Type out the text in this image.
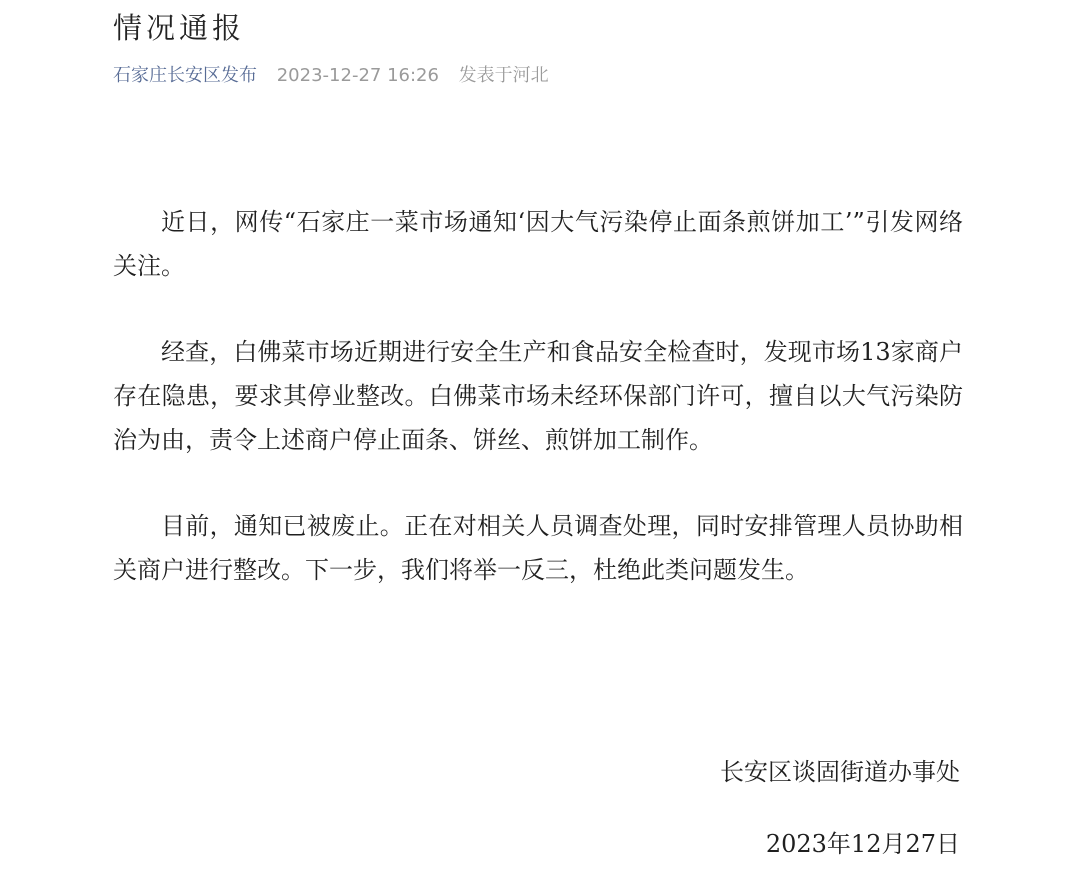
情况通报
石家庄长安区发布 2023-12-27 16:26 发表于河北

近日，网传“石家庄一菜市场通知‘因大气污染停止面条煎饼加工’”引发网络关注。

经查，白佛菜市场近期进行安全生产和食品安全检查时，发现市场13家商户存在隐患，要求其停业整改。白佛菜市场未经环保部门许可，擅自以大气污染防治为由，责令上述商户停止面条、饼丝、煎饼加工制作。

目前，通知已被废止。正在对相关人员调查处理，同时安排管理人员协助相关商户进行整改。下一步，我们将举一反三，杜绝此类问题发生。

长安区谈固街道办事处
2023年12月27日
